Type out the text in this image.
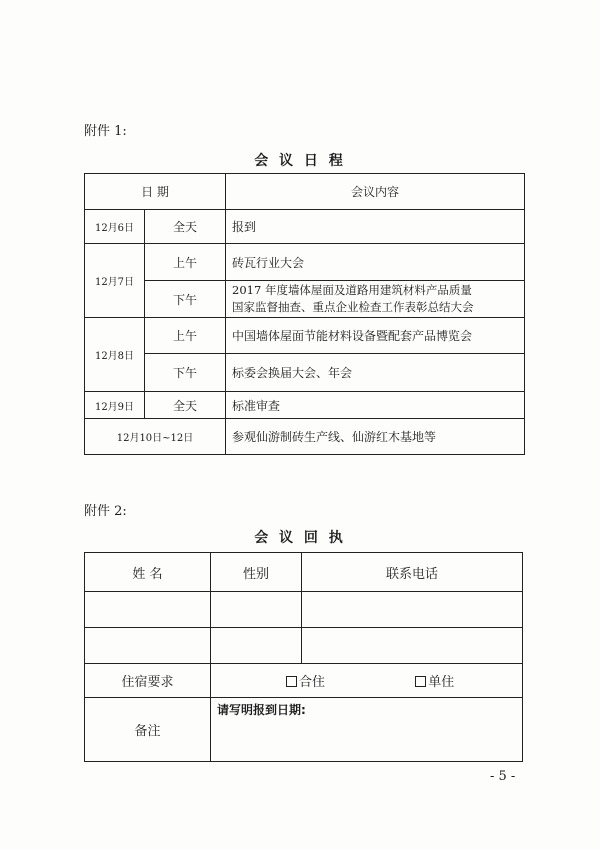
附件 1:
会 议 日 程
日 期		会议内容
12月6日	全天	报到
12月7日	上午	砖瓦行业大会
	下午	2017 年度墙体屋面及道路用建筑材料产品质量
国家监督抽查、重点企业检查工作表彰总结大会

12月8日	上午	中国墙体屋面节能材料设备暨配套产品博览会
	下午	标委会换届大会、年会
12月9日	全天	标准审查
12月10日~12日		参观仙游制砖生产线、仙游红木基地等
附件 2:
会 议 回 执
姓 名	性别	联系电话

住宿要求	合住 单住	
备注	请写明报到日期:	
- 5 -
